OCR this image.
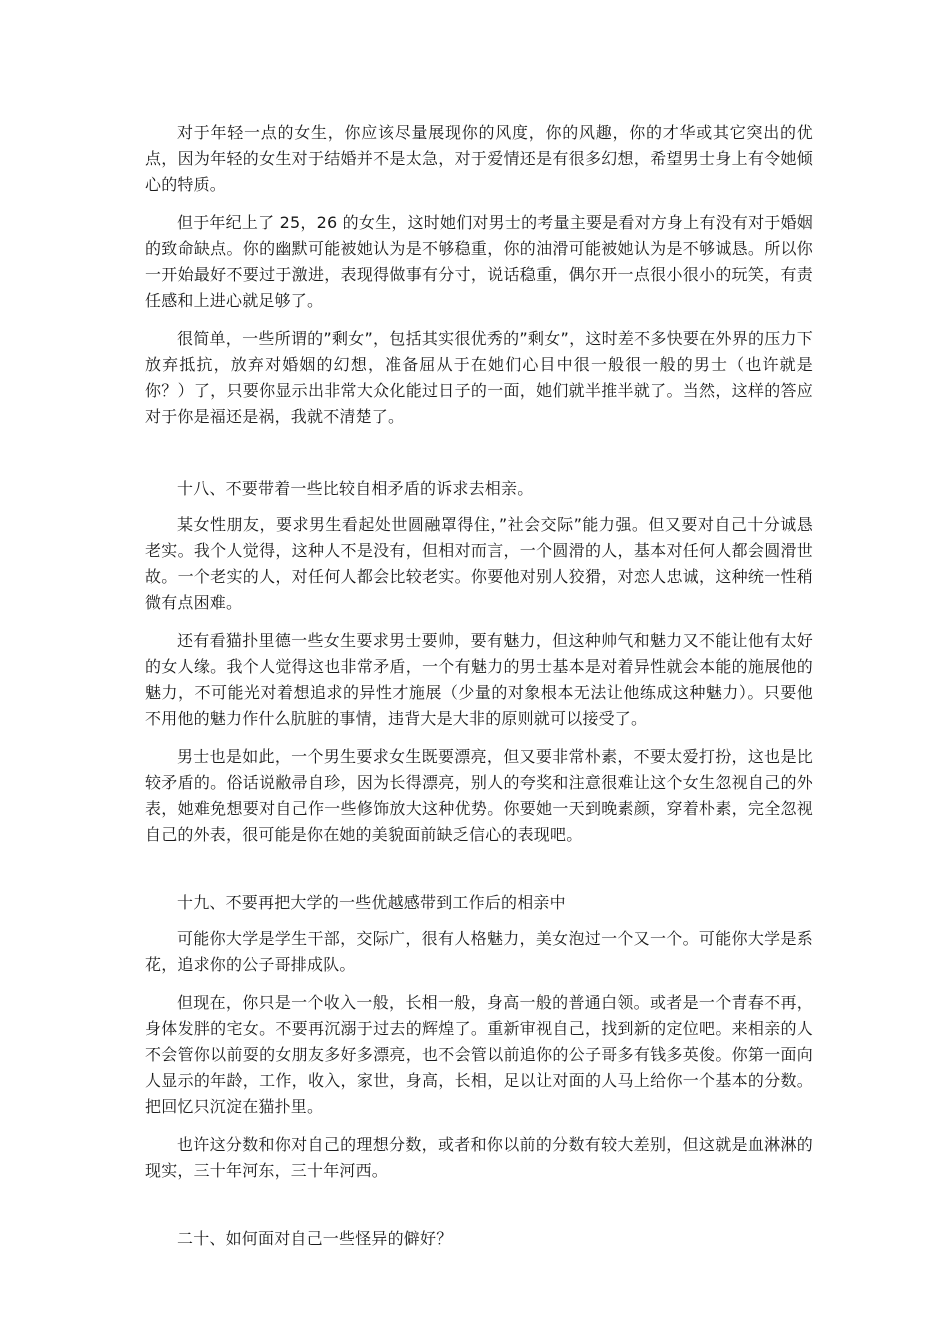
对于年轻一点的女生，你应该尽量展现你的风度，你的风趣，你的才华或其它突出的优点，因为年轻的女生对于结婚并不是太急，对于爱情还是有很多幻想，希望男士身上有令她倾心的特质。

但于年纪上了 25，26 的女生，这时她们对男士的考量主要是看对方身上有没有对于婚姻的致命缺点。你的幽默可能被她认为是不够稳重，你的油滑可能被她认为是不够诚恳。所以你一开始最好不要过于激进，表现得做事有分寸，说话稳重，偶尔开一点很小很小的玩笑，有责任感和上进心就足够了。

很简单，一些所谓的”剩女”，包括其实很优秀的”剩女”，这时差不多快要在外界的压力下放弃抵抗，放弃对婚姻的幻想，准备屈从于在她们心目中很一般很一般的男士（也许就是你？）了，只要你显示出非常大众化能过日子的一面，她们就半推半就了。当然，这样的答应对于你是福还是祸，我就不清楚了。

十八、不要带着一些比较自相矛盾的诉求去相亲。

某女性朋友，要求男生看起处世圆融罩得住，”社会交际”能力强。但又要对自己十分诚恳老实。我个人觉得，这种人不是没有，但相对而言，一个圆滑的人，基本对任何人都会圆滑世故。一个老实的人，对任何人都会比较老实。你要他对别人狡猾，对恋人忠诚，这种统一性稍微有点困难。

还有看猫扑里德一些女生要求男士要帅，要有魅力，但这种帅气和魅力又不能让他有太好的女人缘。我个人觉得这也非常矛盾，一个有魅力的男士基本是对着异性就会本能的施展他的魅力，不可能光对着想追求的异性才施展（少量的对象根本无法让他练成这种魅力）。只要他不用他的魅力作什么肮脏的事情，违背大是大非的原则就可以接受了。

男士也是如此，一个男生要求女生既要漂亮，但又要非常朴素，不要太爱打扮，这也是比较矛盾的。俗话说敝帚自珍，因为长得漂亮，别人的夸奖和注意很难让这个女生忽视自己的外表，她难免想要对自己作一些修饰放大这种优势。你要她一天到晚素颜，穿着朴素，完全忽视自己的外表，很可能是你在她的美貌面前缺乏信心的表现吧。

十九、不要再把大学的一些优越感带到工作后的相亲中

可能你大学是学生干部，交际广，很有人格魅力，美女泡过一个又一个。可能你大学是系花，追求你的公子哥排成队。

但现在，你只是一个收入一般，长相一般，身高一般的普通白领。或者是一个青春不再，身体发胖的宅女。不要再沉溺于过去的辉煌了。重新审视自己，找到新的定位吧。来相亲的人不会管你以前耍的女朋友多好多漂亮，也不会管以前追你的公子哥多有钱多英俊。你第一面向人显示的年龄，工作，收入，家世，身高，长相，足以让对面的人马上给你一个基本的分数。把回忆只沉淀在猫扑里。

也许这分数和你对自己的理想分数，或者和你以前的分数有较大差别，但这就是血淋淋的现实，三十年河东，三十年河西。

二十、如何面对自己一些怪异的僻好？
